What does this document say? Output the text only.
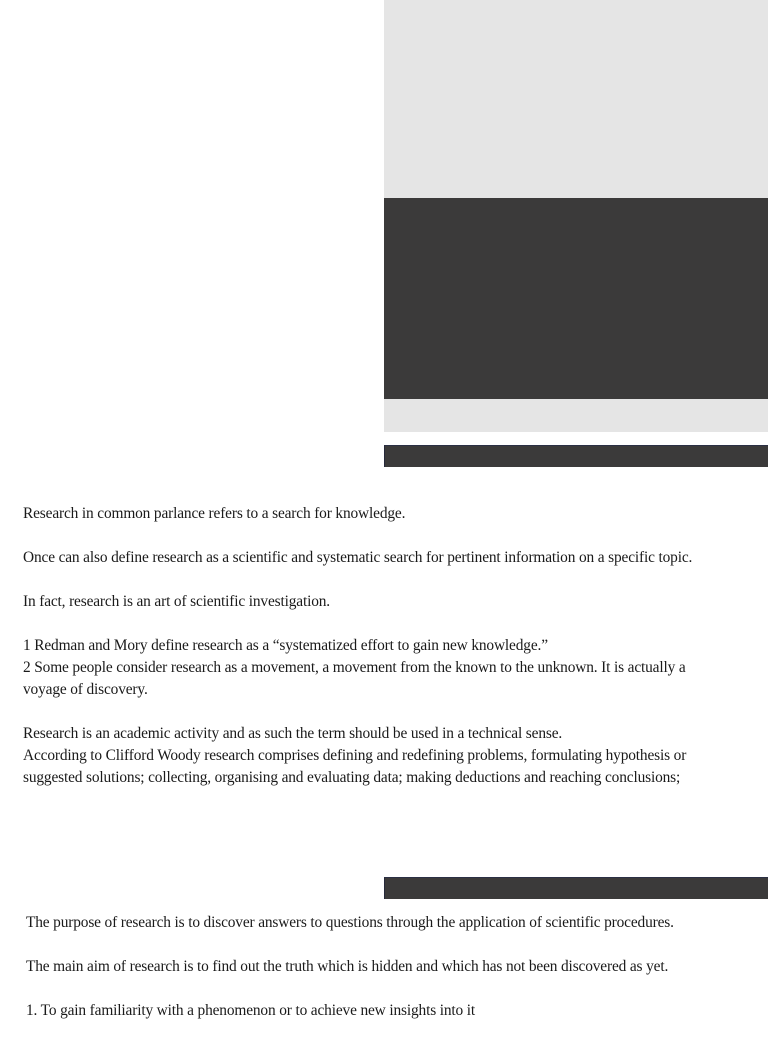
Research in common parlance refers to a search for knowledge.

Once can also define research as a scientific and systematic search for pertinent information on a specific topic.

In fact, research is an art of scientific investigation.

1 Redman and Mory define research as a “systematized effort to gain new knowledge.”
2 Some people consider research as a movement, a movement from the known to the unknown. It is actually a
voyage of discovery.

Research is an academic activity and as such the term should be used in a technical sense.
According to Clifford Woody research comprises defining and redefining problems, formulating hypothesis or
suggested solutions; collecting, organising and evaluating data; making deductions and reaching conclusions;

The purpose of research is to discover answers to questions through the application of scientific procedures.

The main aim of research is to find out the truth which is hidden and which has not been discovered as yet.

1. To gain familiarity with a phenomenon or to achieve new insights into it
